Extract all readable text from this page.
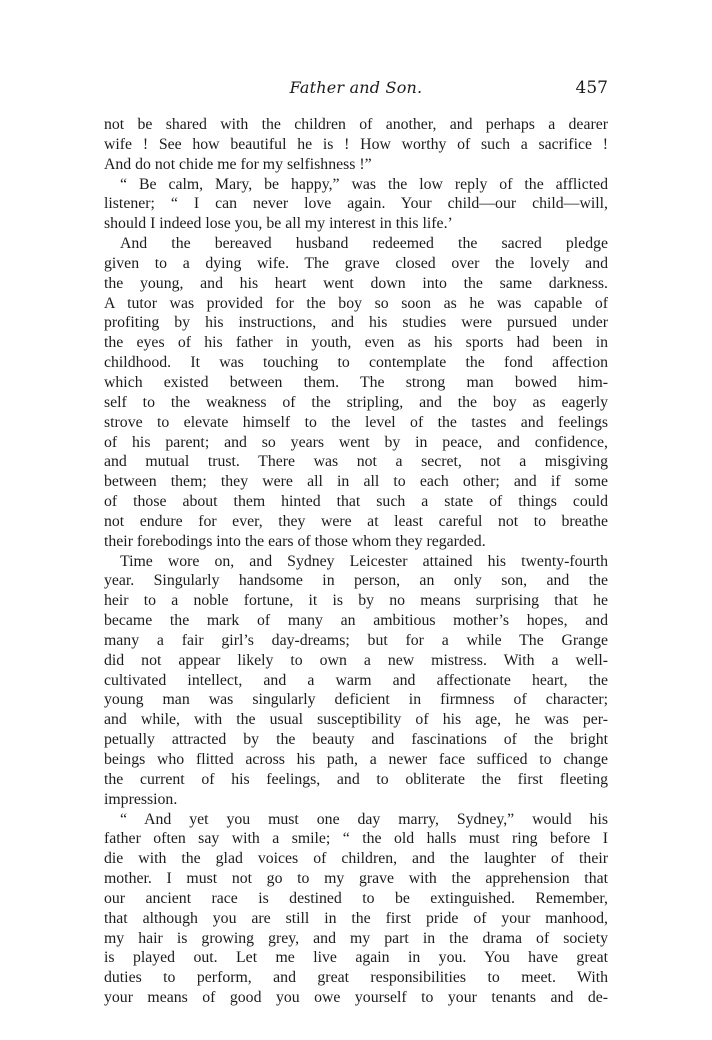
Father and Son.	457
not be shared with the children of another, and perhaps a dearer
wife ! See how beautiful he is ! How worthy of such a sacrifice !
And do not chide me for my selfishness !”
“ Be calm, Mary, be happy,” was the low reply of the afflicted
listener; “ I can never love again. Your child—our child—will,
should I indeed lose you, be all my interest in this life.’
And the bereaved husband redeemed the sacred pledge
given to a dying wife. The grave closed over the lovely and
the young, and his heart went down into the same darkness.
A tutor was provided for the boy so soon as he was capable of
profiting by his instructions, and his studies were pursued under
the eyes of his father in youth, even as his sports had been in
childhood. It was touching to contemplate the fond affection
which existed between them. The strong man bowed him-
self to the weakness of the stripling, and the boy as eagerly
strove to elevate himself to the level of the tastes and feelings
of his parent; and so years went by in peace, and confidence,
and mutual trust. There was not a secret, not a misgiving
between them; they were all in all to each other; and if some
of those about them hinted that such a state of things could
not endure for ever, they were at least careful not to breathe
their forebodings into the ears of those whom they regarded.
Time wore on, and Sydney Leicester attained his twenty-fourth
year. Singularly handsome in person, an only son, and the
heir to a noble fortune, it is by no means surprising that he
became the mark of many an ambitious mother’s hopes, and
many a fair girl’s day-dreams; but for a while The Grange
did not appear likely to own a new mistress. With a well-
cultivated intellect, and a warm and affectionate heart, the
young man was singularly deficient in firmness of character;
and while, with the usual susceptibility of his age, he was per-
petually attracted by the beauty and fascinations of the bright
beings who flitted across his path, a newer face sufficed to change
the current of his feelings, and to obliterate the first fleeting
impression.
“ And yet you must one day marry, Sydney,” would his
father often say with a smile; “ the old halls must ring before I
die with the glad voices of children, and the laughter of their
mother. I must not go to my grave with the apprehension that
our ancient race is destined to be extinguished. Remember,
that although you are still in the first pride of your manhood,
my hair is growing grey, and my part in the drama of society
is played out. Let me live again in you. You have great
duties to perform, and great responsibilities to meet. With
your means of good you owe yourself to your tenants and de-
